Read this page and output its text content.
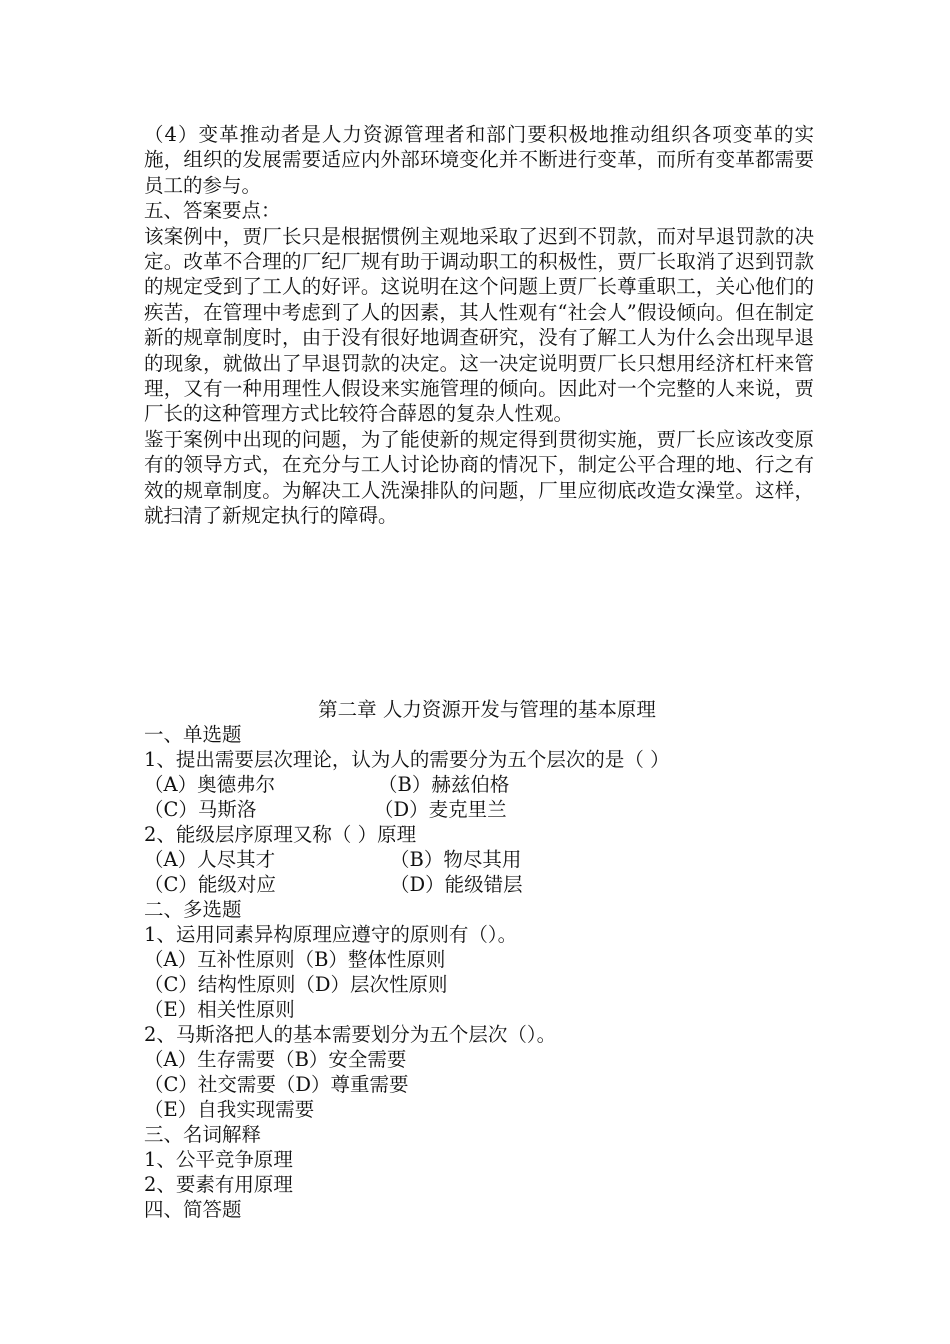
（4）变革推动者是人力资源管理者和部门要积极地推动组织各项变革的实施，组织的发展需要适应内外部环境变化并不断进行变革，而所有变革都需要员工的参与。

五、答案要点：

该案例中，贾厂长只是根据惯例主观地采取了迟到不罚款，而对早退罚款的决定。改革不合理的厂纪厂规有助于调动职工的积极性，贾厂长取消了迟到罚款的规定受到了工人的好评。这说明在这个问题上贾厂长尊重职工，关心他们的疾苦，在管理中考虑到了人的因素，其人性观有“社会人”假设倾向。但在制定新的规章制度时，由于没有很好地调查研究，没有了解工人为什么会出现早退的现象，就做出了早退罚款的决定。这一决定说明贾厂长只想用经济杠杆来管理，又有一种用理性人假设来实施管理的倾向。因此对一个完整的人来说，贾厂长的这种管理方式比较符合薛恩的复杂人性观。

鉴于案例中出现的问题，为了能使新的规定得到贯彻实施，贾厂长应该改变原有的领导方式，在充分与工人讨论协商的情况下，制定公平合理的地、行之有效的规章制度。为解决工人洗澡排队的问题，厂里应彻底改造女澡堂。这样，就扫清了新规定执行的障碍。

第二章 人力资源开发与管理的基本原理

一、单选题

1、提出需要层次理论，认为人的需要分为五个层次的是（ ）

（A）奥德弗尔	（B）赫兹伯格
（C）马斯洛	（D）麦克里兰

2、能级层序原理又称（ ）原理

（A）人尽其才	（B）物尽其用
（C）能级对应	（D）能级错层

二、多选题

1、运用同素异构原理应遵守的原则有（）。

（A）互补性原则（B）整体性原则

（C）结构性原则（D）层次性原则

（E）相关性原则

2、马斯洛把人的基本需要划分为五个层次（）。

（A）生存需要（B）安全需要

（C）社交需要（D）尊重需要

（E）自我实现需要

三、名词解释

1、公平竞争原理

2、要素有用原理

四、简答题
